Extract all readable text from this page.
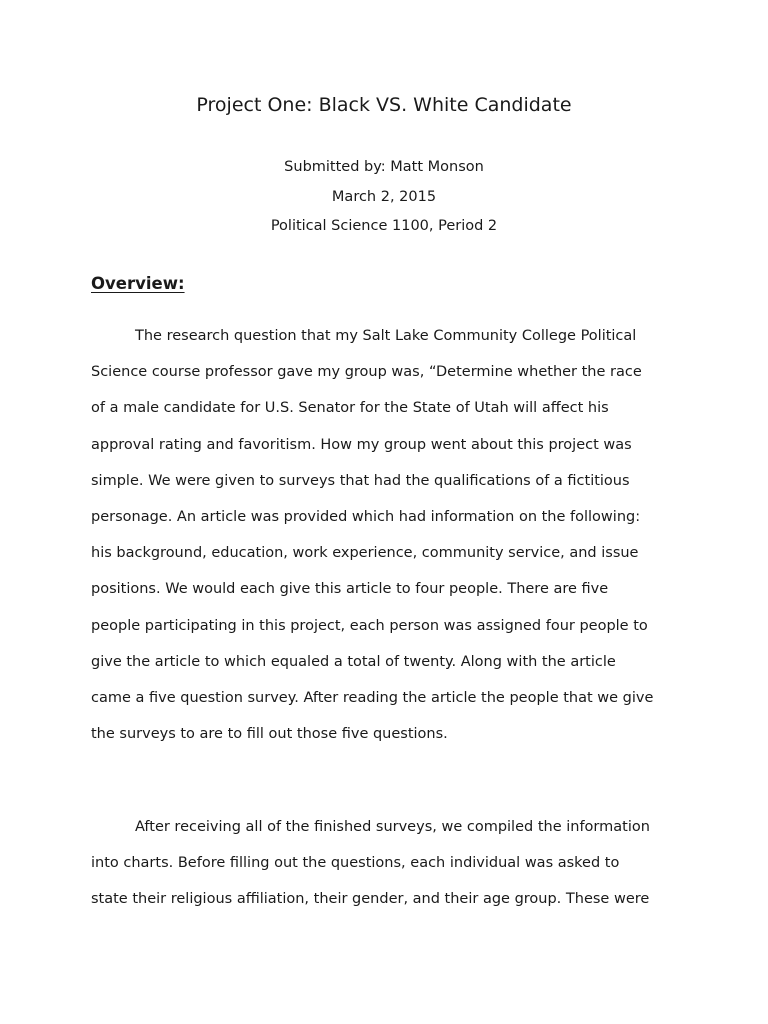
Project One: Black VS. White Candidate
Submitted by: Matt Monson
March 2, 2015
Political Science 1100, Period 2
Overview:
The research question that my Salt Lake Community College Political
Science course professor gave my group was, “Determine whether the race
of a male candidate for U.S. Senator for the State of Utah will affect his
approval rating and favoritism. How my group went about this project was
simple. We were given to surveys that had the qualifications of a fictitious
personage. An article was provided which had information on the following:
his background, education, work experience, community service, and issue
positions. We would each give this article to four people. There are five
people participating in this project, each person was assigned four people to
give the article to which equaled a total of twenty. Along with the article
came a five question survey. After reading the article the people that we give
the surveys to are to fill out those five questions.
After receiving all of the finished surveys, we compiled the information
into charts. Before filling out the questions, each individual was asked to
state their religious affiliation, their gender, and their age group. These were
